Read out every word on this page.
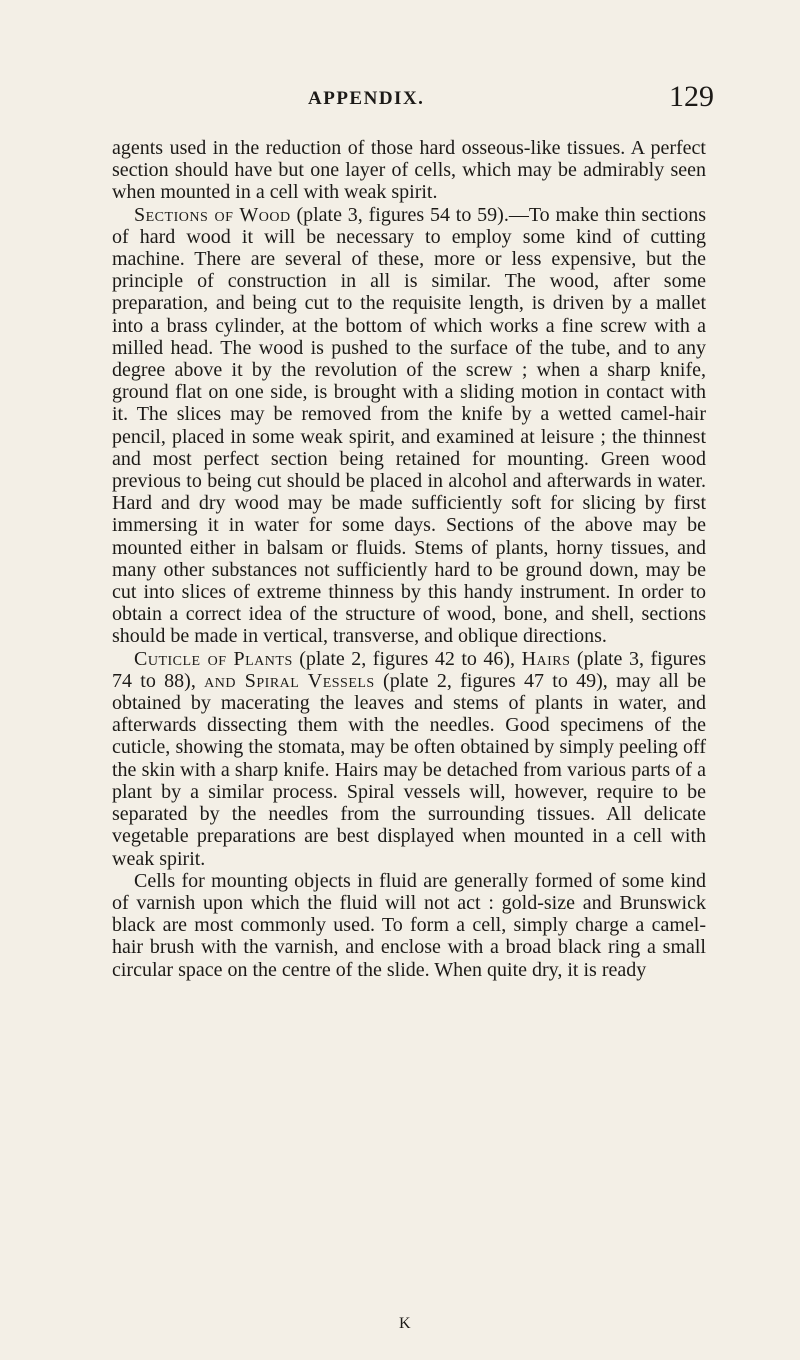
APPENDIX.	129

agents used in the reduction of those hard osseous-like tissues. A perfect section should have but one layer of cells, which may be admirably seen when mounted in a cell with weak spirit.

Sections of Wood (plate 3, figures 54 to 59).—To make thin sections of hard wood it will be necessary to employ some kind of cutting machine. There are several of these, more or less expensive, but the principle of construction in all is similar. The wood, after some preparation, and being cut to the requisite length, is driven by a mallet into a brass cylinder, at the bottom of which works a fine screw with a milled head. The wood is pushed to the surface of the tube, and to any degree above it by the revolution of the screw ; when a sharp knife, ground flat on one side, is brought with a sliding motion in contact with it. The slices may be removed from the knife by a wetted camel-hair pencil, placed in some weak spirit, and examined at leisure ; the thinnest and most perfect section being retained for mounting. Green wood previous to being cut should be placed in alcohol and afterwards in water. Hard and dry wood may be made sufficiently soft for slicing by first immersing it in water for some days. Sections of the above may be mounted either in balsam or fluids. Stems of plants, horny tissues, and many other substances not sufficiently hard to be ground down, may be cut into slices of extreme thinness by this handy instrument. In order to obtain a correct idea of the structure of wood, bone, and shell, sections should be made in vertical, transverse, and oblique directions.

Cuticle of Plants (plate 2, figures 42 to 46), Hairs (plate 3, figures 74 to 88), and Spiral Vessels (plate 2, figures 47 to 49), may all be obtained by macerating the leaves and stems of plants in water, and afterwards dissecting them with the needles. Good specimens of the cuticle, showing the stomata, may be often obtained by simply peeling off the skin with a sharp knife. Hairs may be detached from various parts of a plant by a similar process. Spiral vessels will, however, require to be separated by the needles from the surrounding tissues. All delicate vegetable preparations are best displayed when mounted in a cell with weak spirit.

Cells for mounting objects in fluid are generally formed of some kind of varnish upon which the fluid will not act : gold-size and Brunswick black are most commonly used. To form a cell, simply charge a camel-hair brush with the varnish, and enclose with a broad black ring a small circular space on the centre of the slide. When quite dry, it is ready

K
